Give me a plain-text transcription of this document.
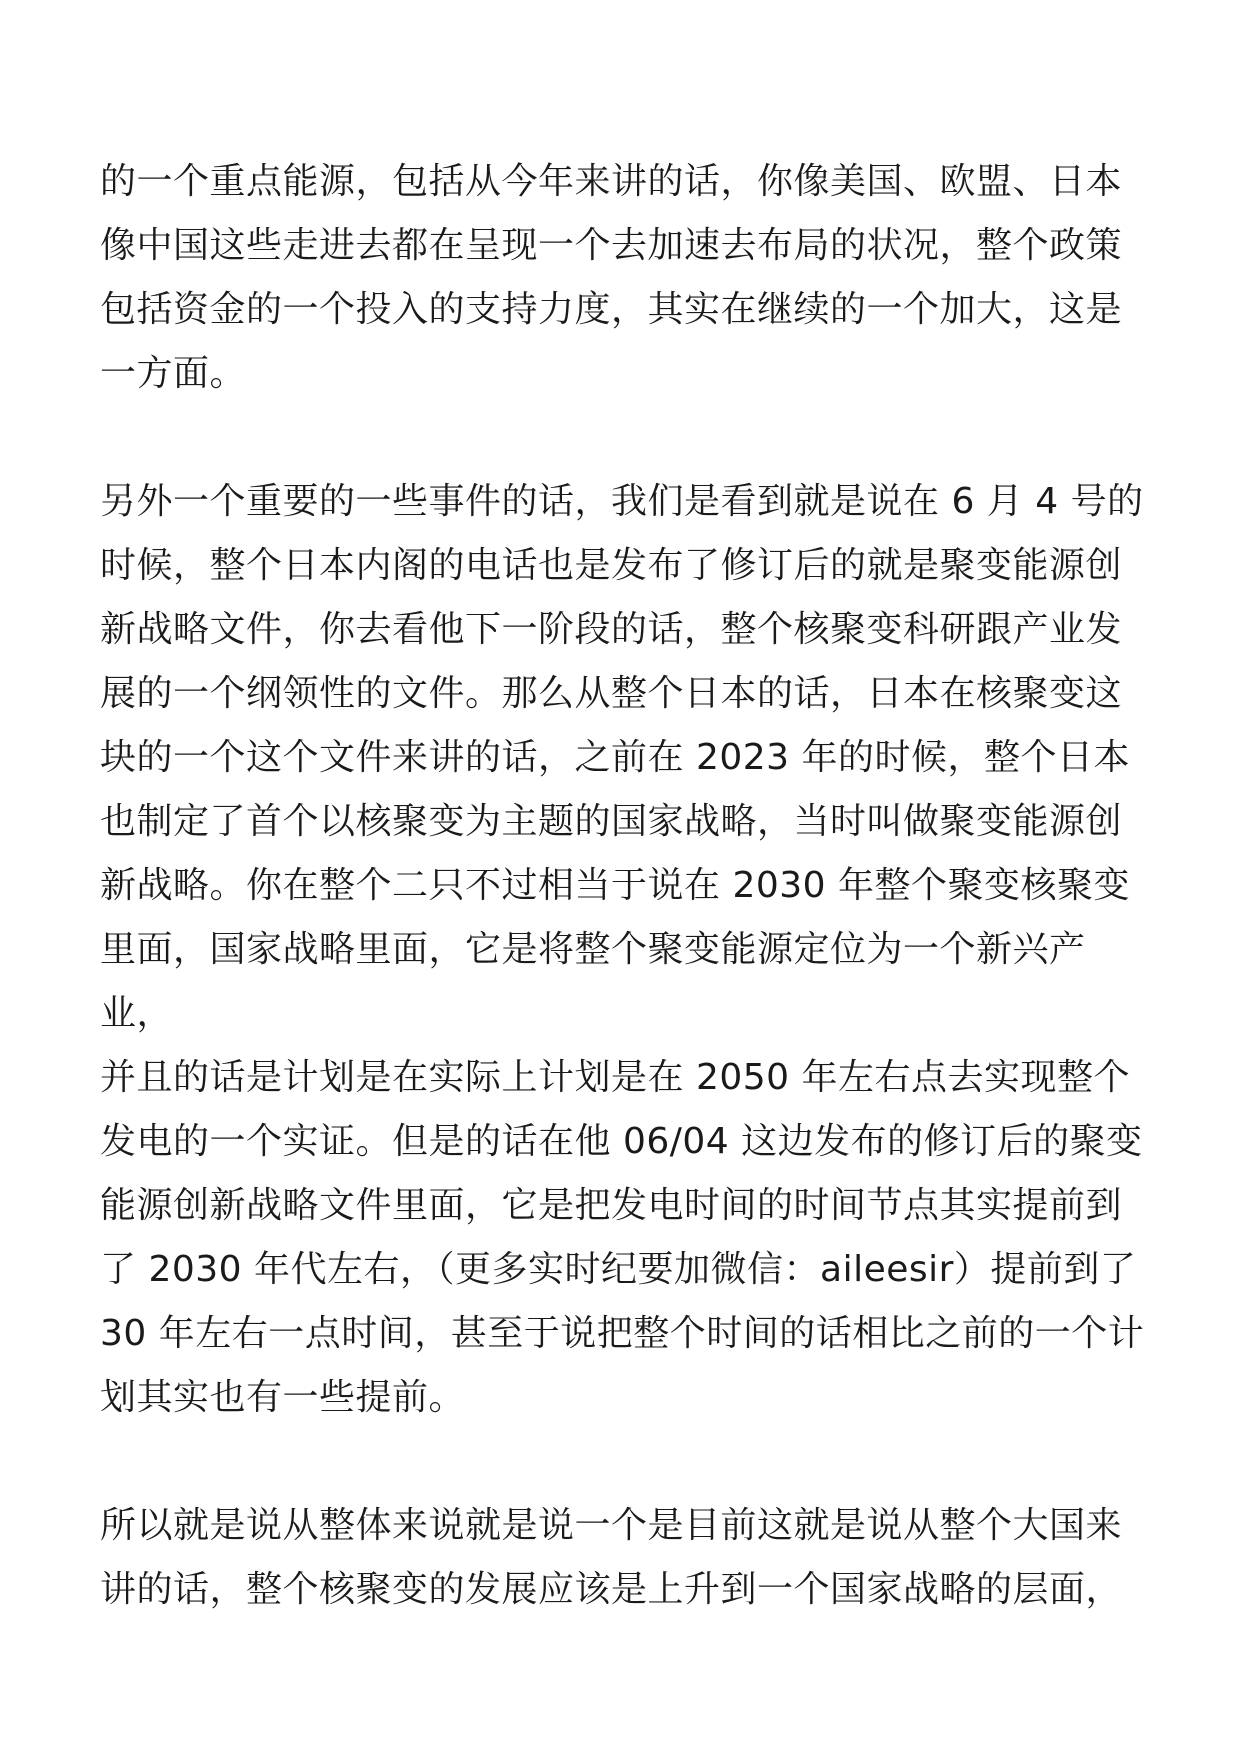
的一个重点能源，包括从今年来讲的话，你像美国、欧盟、日本
像中国这些走进去都在呈现一个去加速去布局的状况，整个政策
包括资金的一个投入的支持力度，其实在继续的一个加大，这是
一方面。

另外一个重要的一些事件的话，我们是看到就是说在 6 月 4 号的
时候，整个日本内阁的电话也是发布了修订后的就是聚变能源创
新战略文件，你去看他下一阶段的话，整个核聚变科研跟产业发
展的一个纲领性的文件。那么从整个日本的话，日本在核聚变这
块的一个这个文件来讲的话，之前在 2023 年的时候，整个日本
也制定了首个以核聚变为主题的国家战略，当时叫做聚变能源创
新战略。你在整个二只不过相当于说在 2030 年整个聚变核聚变
里面，国家战略里面，它是将整个聚变能源定位为一个新兴产业，
并且的话是计划是在实际上计划是在 2050 年左右点去实现整个
发电的一个实证。但是的话在他 06/04 这边发布的修订后的聚变
能源创新战略文件里面，它是把发电时间的时间节点其实提前到
了 2030 年代左右，（更多实时纪要加微信：aileesir）提前到了
30 年左右一点时间，甚至于说把整个时间的话相比之前的一个计
划其实也有一些提前。

所以就是说从整体来说就是说一个是目前这就是说从整个大国来
讲的话，整个核聚变的发展应该是上升到一个国家战略的层面，
